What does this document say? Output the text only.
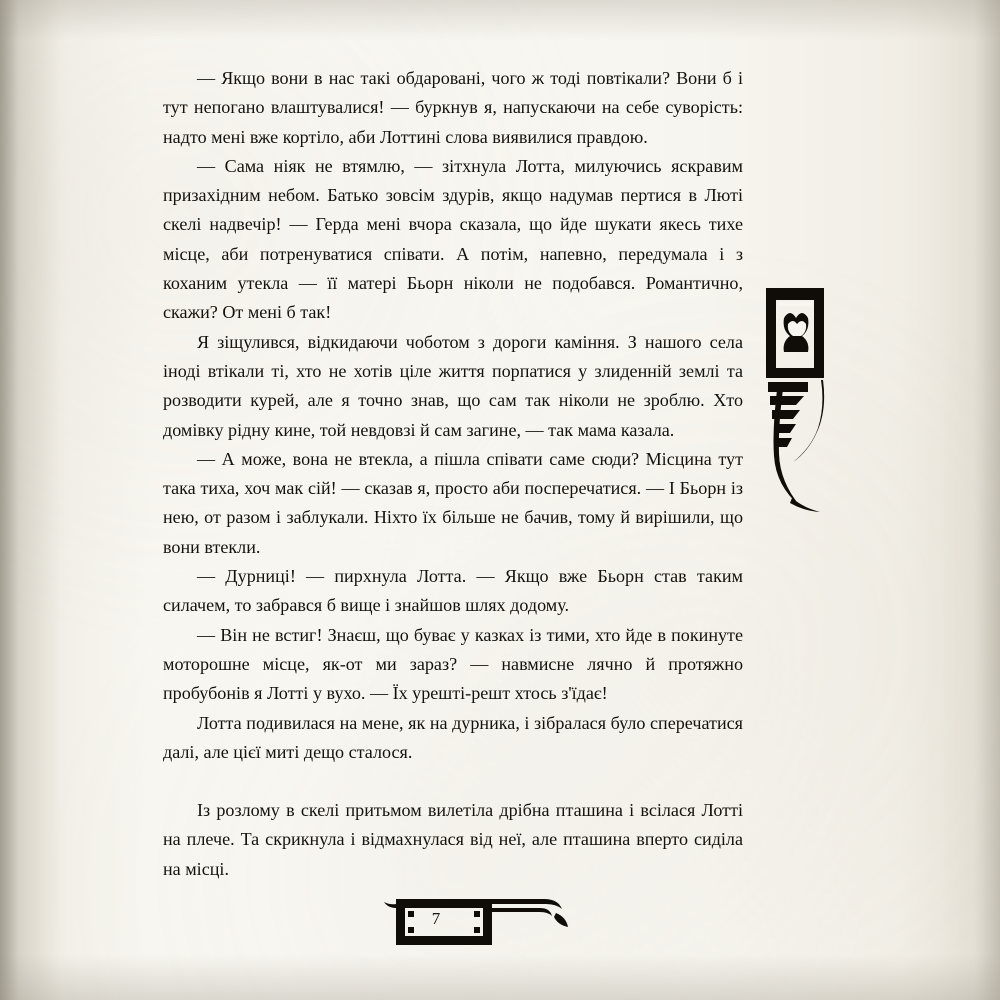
— Якщо вони в нас такі обдаровані, чого ж тоді повтікали? Вони б і тут непогано влаштувалися! — буркнув я, напускаючи на себе суворість: надто мені вже кортіло, аби Лоттині слова виявилися правдою.

— Сама ніяк не втямлю, — зітхнула Лотта, милуючись яскравим призахідним небом. Батько зовсім здурів, якщо надумав пертися в Люті скелі надвечір! — Герда мені вчора сказала, що йде шукати якесь тихе місце, аби потренуватися співати. А потім, напевно, передумала і з коханим утекла — її матері Бьорн ніколи не подобався. Романтично, скажи? От мені б так!

Я зіщулився, відкидаючи чоботом з дороги каміння. З нашого села іноді втікали ті, хто не хотів ціле життя порпатися у злиденній землі та розводити курей, але я точно знав, що сам так ніколи не зроблю. Хто домівку рідну кине, той невдовзі й сам загине, — так мама казала.

— А може, вона не втекла, а пішла співати саме сюди? Місцина тут така тиха, хоч мак сій! — сказав я, просто аби посперечатися. — І Бьорн із нею, от разом і заблукали. Ніхто їх більше не бачив, тому й вирішили, що вони втекли.

— Дурниці! — пирхнула Лотта. — Якщо вже Бьорн став таким силачем, то забрався б вище і знайшов шлях додому.

— Він не встиг! Знаєш, що буває у казках із тими, хто йде в покинуте моторошне місце, як-от ми зараз? — навмисне лячно й протяжно пробубонів я Лотті у вухо. — Їх урешті-решт хтось з'їдає!

Лотта подивилася на мене, як на дурника, і зібралася було сперечатися далі, але цієї миті дещо сталося.

Із розлому в скелі притьмом вилетіла дрібна пташина і всілася Лотті на плече. Та скрикнула і відмахнулася від неї, але пташина вперто сиділа на місці.

7
